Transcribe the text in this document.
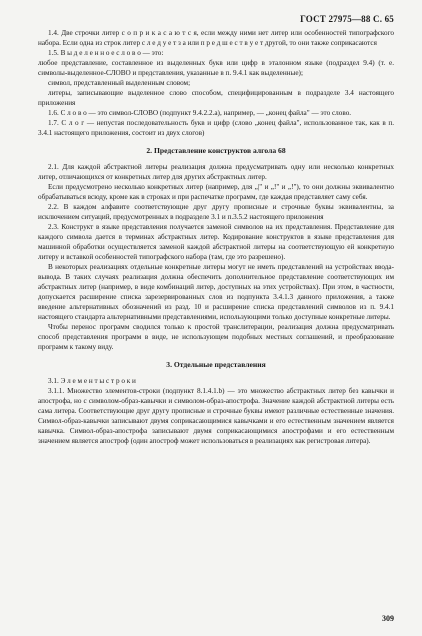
ГОСТ 27975—88 С. 65

1.4. Две строчки литер с о п р и к а с а ю т с я, если между ними нет литер или особенностей типографского набора. Если одна из строк литер с л е д у е т з а или п р е д ш е с т в у е т другой, то они также соприкасаются

1.5. В ы д е л е н н о е с л о в о — это:

любое представление, составленное из выделенных букв или цифр в эталонном языке (подраздел 9.4) (т. е. символы-выделенное-СЛОВО и представления, указанные в п. 9.4.1 как выделенные);

символ, представленный выделенным словом;

литеры, записывающие выделенное слово способом, специфицированным в подразделе 3.4 настоящего приложения

1.6. С л о в о — это символ-СЛОВО (подпункт 9.4.2.2.а), например, — „конец файла" — это слово.

1.7. С л о г — непустая последовательность букв и цифр (слово „конец файла", использованное так, как в п. 3.4.1 настоящего приложения, состоит из двух слогов)

2. Представление конструктов алгола 68

2.1. Для каждой абстрактной литеры реализация должна предусматривать одну или несколько конкретных литер, отличающихся от конкретных литер для других абстрактных литер.

Если предусмотрено несколько конкретных литер (например, для „|" и „!" и „!"), то они должны эквивалентно обрабатываться всюду, кроме как в строках и при распечатке программ, где каждая представляет саму себя.

2.2. В каждом алфавите соответствующие друг другу прописные и строчные буквы эквивалентны, за исключением ситуаций, предусмотренных в подразделе 3.1 и п.3.5.2 настоящего приложения

2.3. Конструкт в языке представления получается заменой символов на их представления. Представление для каждого символа дается в терминах абстрактных литер. Кодирование конструктов в языке представления для машинной обработки осуществляется заменой каждой абстрактной литеры на соответствующую ей конкретную литеру и вставкой особенностей типографского набора (там, где это разрешено).

В некоторых реализациях отдельные конкретные литеры могут не иметь представлений на устройствах ввода-вывода. В таких случаях реализация должна обеспечить дополнительное представление соответствующих им абстрактных литер (например, в виде комбинаций литер, доступных на этих устройствах). При этом, в частности, допускается расширение списка зарезервированных слов из подпункта 3.4.1.3 данного приложения, а также введение альтернативных обозначений из разд. 10 и расширение списка представлений символов из п. 9.4.1 настоящего стандарта альтернативными представлениями, использующими только доступные конкретные литеры.

Чтобы перенос программ сводился только к простой транслитерации, реализация должна предусматривать способ представления программ в виде, не использующем подобных местных соглашений, и преобразование программ к такому виду.

3. Отдельные представления

3.1. Э л е м е н т ы с т р о к и

3.1.1. Множество элементов-строки (подпункт 8.1.4.1.b) — это множество абстрактных литер без кавычки и апострофа, но с символом-образ-кавычки и символом-образ-апострофа. Значение каждой абстрактной литеры есть сама литера. Соответствующие друг другу прописные и строчные буквы имеют различные естественные значения. Символ-образ-кавычки записывают двумя соприкасающимися кавычками и его естественным значением является кавычка. Символ-образ-апострофа записывают двумя соприкасающимися апострофами и его естественным значением является апостроф (один апостроф может использоваться в реализациях как регистровая литера).

309
